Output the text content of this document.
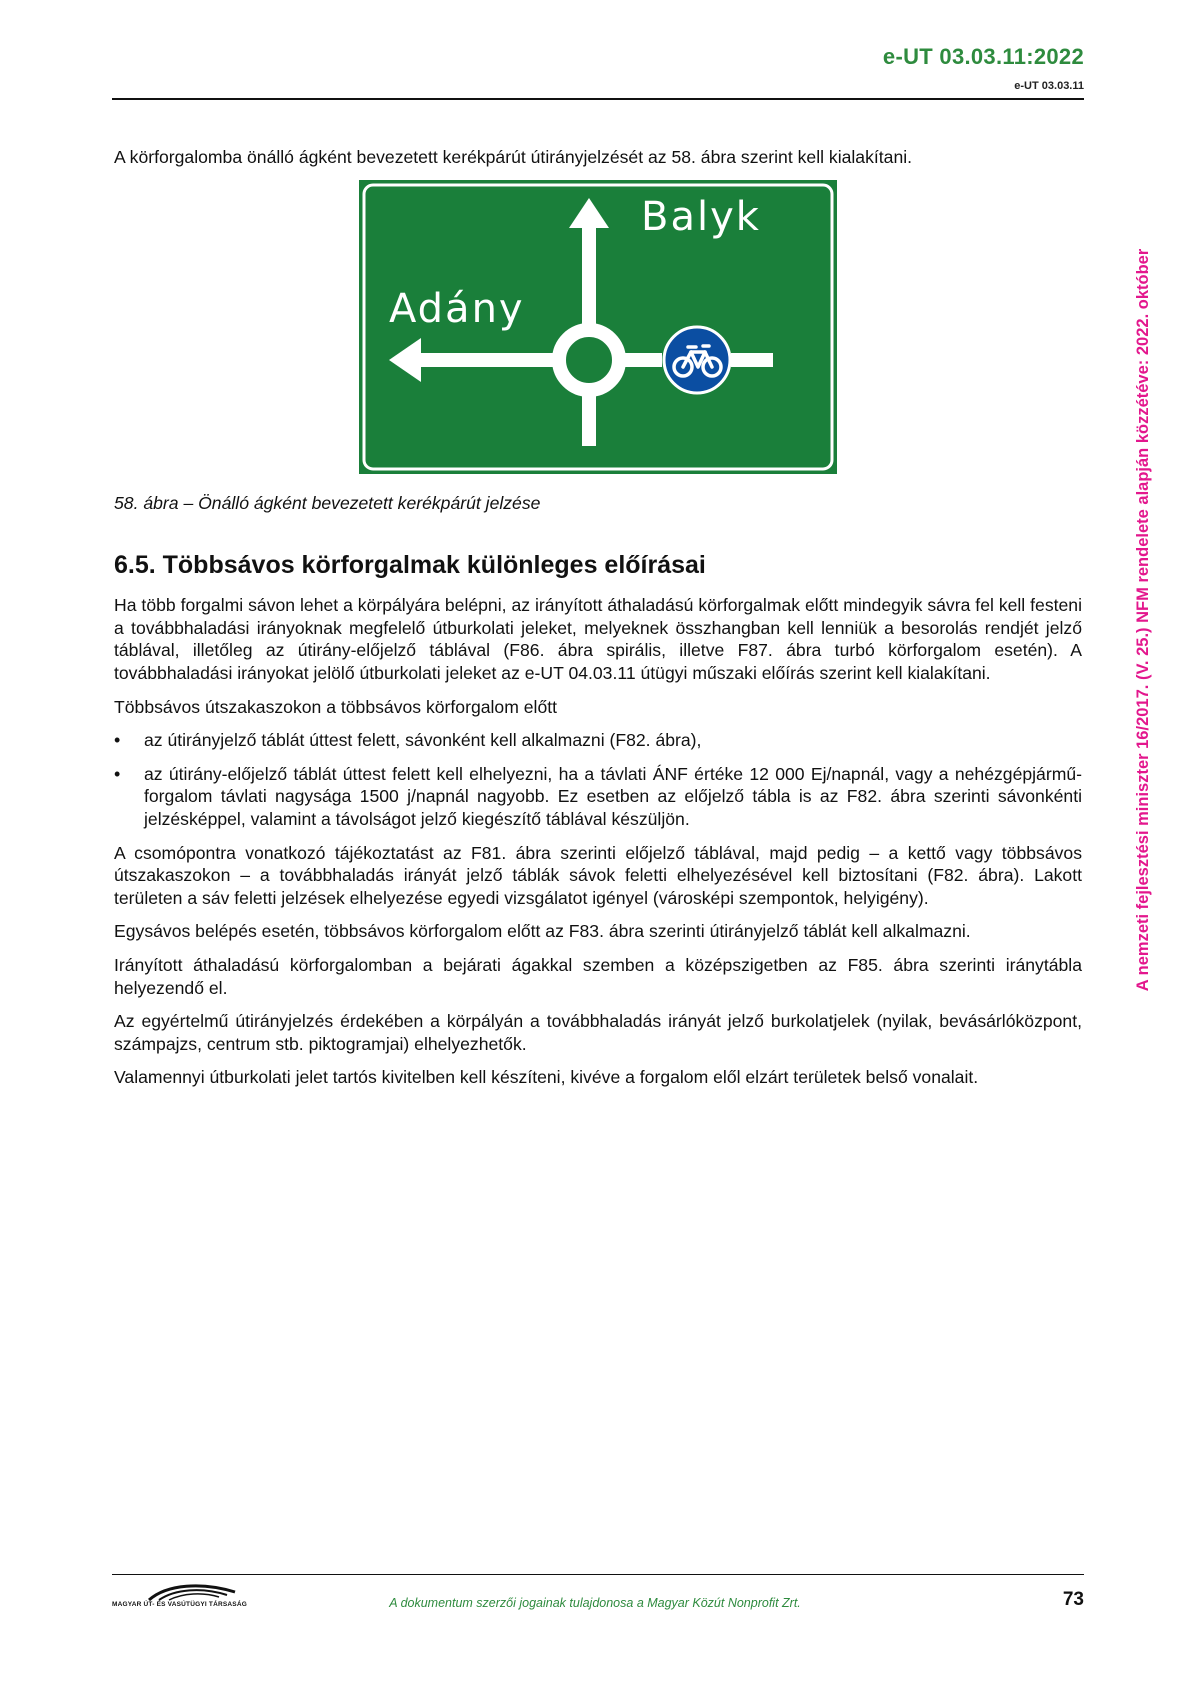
e-UT 03.03.11:2022
e-UT 03.03.11
A nemzeti fejlesztési miniszter 16/2017. (V. 25.) NFM rendelete alapján közzétéve: 2022. október

A körforgalomba önálló ágként bevezetett kerékpárút útirányjelzését az 58. ábra szerint kell kialakítani.

Balyk
Adány

58. ábra – Önálló ágként bevezetett kerékpárút jelzése

6.5. Többsávos körforgalmak különleges előírásai

Ha több forgalmi sávon lehet a körpályára belépni, az irányított áthaladású körforgalmak előtt mindegyik sávra fel kell festeni a továbbhaladási irányoknak megfelelő útburkolati jeleket, melyeknek összhangban kell lenniük a besorolás rendjét jelző táblával, illetőleg az útirány-előjelző táblával (F86. ábra spirális, illetve F87. ábra turbó körforgalom esetén). A továbbhaladási irányokat jelölő útburkolati jeleket az e-UT 04.03.11 útügyi műszaki előírás szerint kell kialakítani.

Többsávos útszakaszokon a többsávos körforgalom előtt

• az útirányjelző táblát úttest felett, sávonként kell alkalmazni (F82. ábra),
• az útirány-előjelző táblát úttest felett kell elhelyezni, ha a távlati ÁNF értéke 12 000 Ej/napnál, vagy a nehézgépjármű-forgalom távlati nagysága 1500 j/napnál nagyobb. Ez esetben az előjelző tábla is az F82. ábra szerinti sávonkénti jelzésképpel, valamint a távolságot jelző kiegészítő táblával készüljön.

A csomópontra vonatkozó tájékoztatást az F81. ábra szerinti előjelző táblával, majd pedig – a kettő vagy többsávos útszakaszokon – a továbbhaladás irányát jelző táblák sávok feletti elhelyezésével kell biztosítani (F82. ábra). Lakott területen a sáv feletti jelzések elhelyezése egyedi vizsgálatot igényel (városképi szempontok, helyigény).

Egysávos belépés esetén, többsávos körforgalom előtt az F83. ábra szerinti útirányjelző táblát kell alkalmazni.

Irányított áthaladású körforgalomban a bejárati ágakkal szemben a középszigetben az F85. ábra szerinti iránytábla helyezendő el.

Az egyértelmű útirányjelzés érdekében a körpályán a továbbhaladás irányát jelző burkolatjelek (nyilak, bevásárlóközpont, számpajzs, centrum stb. piktogramjai) elhelyezhetők.

Valamennyi útburkolati jelet tartós kivitelben kell készíteni, kivéve a forgalom elől elzárt területek belső vonalait.

MAGYAR ÚT- ÉS VASÚTÜGYI TÁRSASÁG	A dokumentum szerzői jogainak tulajdonosa a Magyar Közút Nonprofit Zrt.	73
